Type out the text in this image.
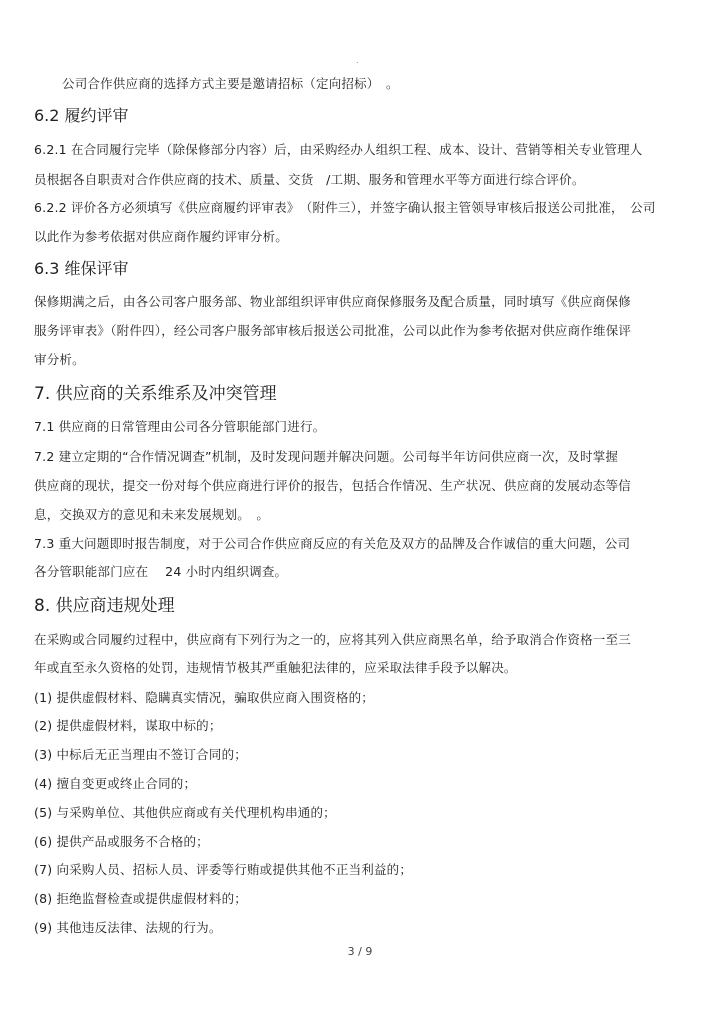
.
公司合作供应商的选择方式主要是邀请招标（定向招标）　。
6.2 履约评审
6.2.1 在合同履行完毕（除保修部分内容）后，由采购经办人组织工程、成本、设计、营销等相关专业管理人
员根据各自职责对合作供应商的技术、质量、交货　/工期、服务和管理水平等方面进行综合评价。
6.2.2 评价各方必须填写《供应商履约评审表》　（附件三），并签字确认报主管领导审核后报送公司批准，　公司
以此作为参考依据对供应商作履约评审分析。
6.3 维保评审
保修期满之后，由各公司客户服务部、物业部组织评审供应商保修服务及配合质量，同时填写《供应商保修
服务评审表》（附件四），经公司客户服务部审核后报送公司批准，公司以此作为参考依据对供应商作维保评
审分析。
7. 供应商的关系维系及冲突管理
7.1 供应商的日常管理由公司各分管职能部门进行。
7.2 建立定期的“合作情况调查”机制，及时发现问题并解决问题。公司每半年访问供应商一次，及时掌握
供应商的现状，提交一份对每个供应商进行评价的报告，包括合作情况、生产状况、供应商的发展动态等信
息，交换双方的意见和未来发展规划。　。
7.3 重大问题即时报告制度，对于公司合作供应商反应的有关危及双方的品牌及合作诚信的重大问题，公司
各分管职能部门应在　 24 小时内组织调查。
8. 供应商违规处理
在采购或合同履约过程中，供应商有下列行为之一的，应将其列入供应商黑名单，给予取消合作资格一至三
年或直至永久资格的处罚，违规情节极其严重触犯法律的，应采取法律手段予以解决。
(1) 提供虚假材料、隐瞒真实情况，骗取供应商入围资格的；
(2) 提供虚假材料，谋取中标的；
(3) 中标后无正当理由不签订合同的；
(4) 擅自变更或终止合同的；
(5) 与采购单位、其他供应商或有关代理机构串通的；
(6) 提供产品或服务不合格的；
(7) 向采购人员、招标人员、评委等行贿或提供其他不正当利益的；
(8) 拒绝监督检查或提供虚假材料的；
(9) 其他违反法律、法规的行为。
3 / 9
